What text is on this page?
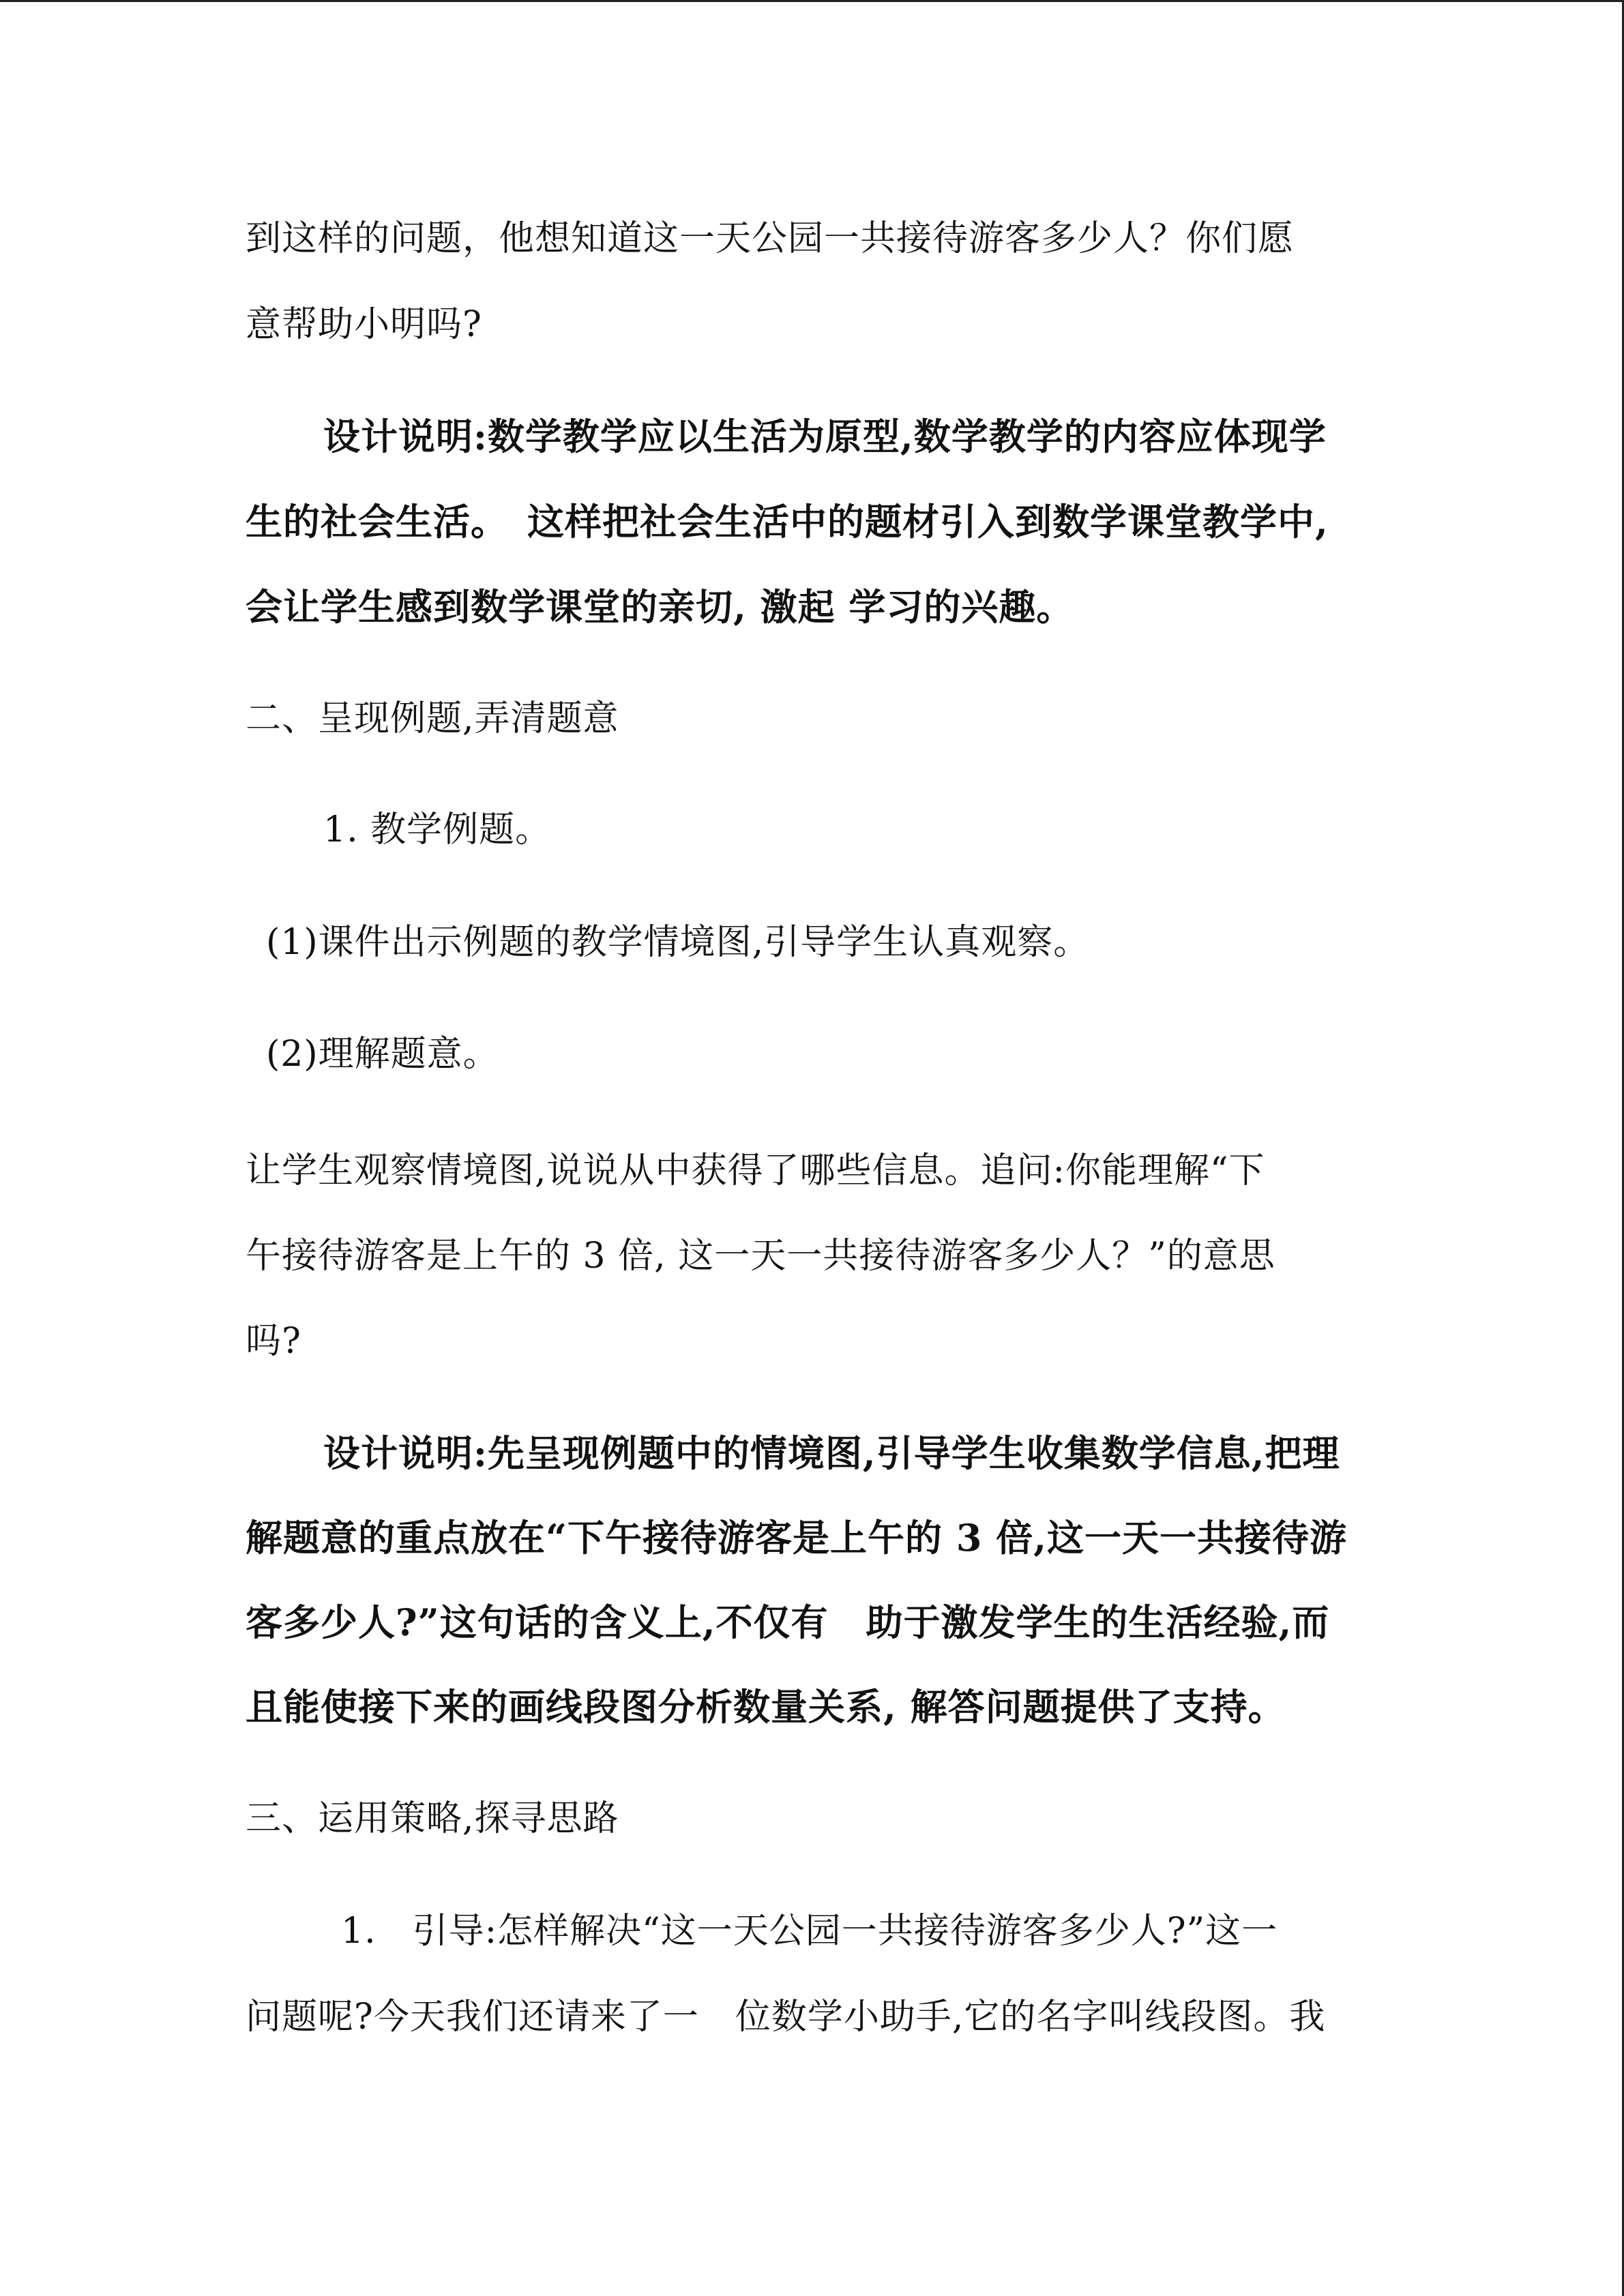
到这样的问题，他想知道这一天公园一共接待游客多少人？你们愿
意帮助小明吗?
设计说明:数学教学应以生活为原型,数学教学的内容应体现学
生的社会生活。　这样把社会生活中的题材引入到数学课堂教学中,
会让学生感到数学课堂的亲切, 激起 学习的兴趣。
二、呈现例题,弄清题意
1. 教学例题。
(1)课件出示例题的教学情境图,引导学生认真观察。
(2)理解题意。
让学生观察情境图,说说从中获得了哪些信息。追问:你能理解“下
午接待游客是上午的 3 倍, 这一天一共接待游客多少人？”的意思
吗?
设计说明:先呈现例题中的情境图,引导学生收集数学信息,把理
解题意的重点放在“下午接待游客是上午的 3 倍,这一天一共接待游
客多少人?”这句话的含义上,不仅有　助于激发学生的生活经验,而
且能使接下来的画线段图分析数量关系, 解答问题提供了支持。
三、运用策略,探寻思路
1.　引导:怎样解决“这一天公园一共接待游客多少人?”这一
问题呢?今天我们还请来了一　位数学小助手,它的名字叫线段图。我
